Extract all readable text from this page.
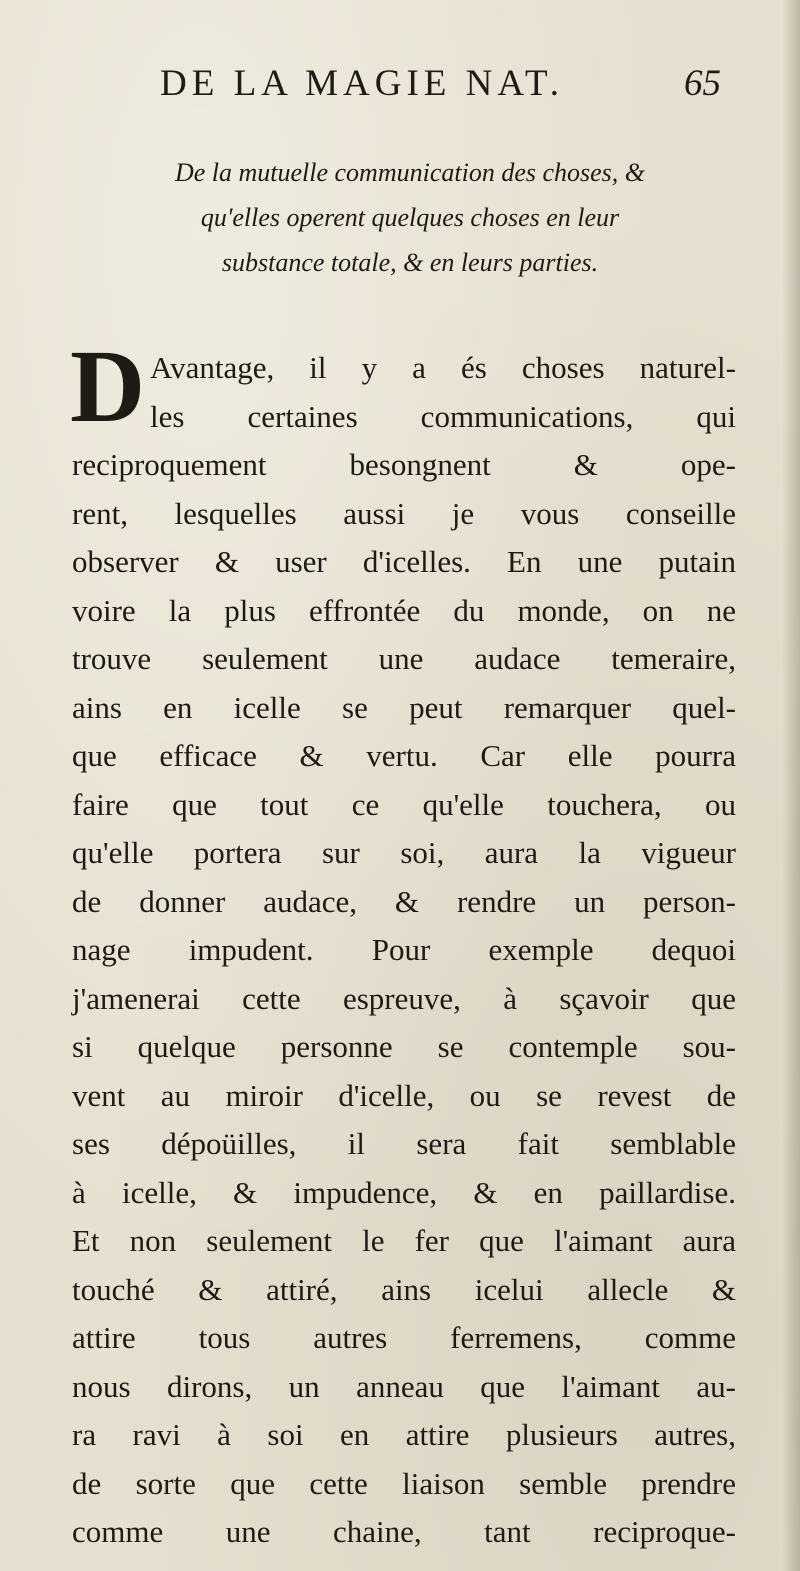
DE LA MAGIE NAT.	65
De la mutuelle communication des choses, &
qu'elles operent quelques choses en leur
substance totale, & en leurs parties.
D Avantage, il y a és choses naturel-
les certaines communications, qui
reciproquement besongnent & ope-
rent, lesquelles aussi je vous conseille
observer & user d'icelles. En une putain
voire la plus effrontée du monde, on ne
trouve seulement une audace temeraire,
ains en icelle se peut remarquer quel-
que efficace & vertu. Car elle pourra
faire que tout ce qu'elle touchera, ou
qu'elle portera sur soi, aura la vigueur
de donner audace, & rendre un person-
nage impudent. Pour exemple dequoi
j'amenerai cette espreuve, à sçavoir que
si quelque personne se contemple sou-
vent au miroir d'icelle, ou se revest de
ses dépoüilles, il sera fait semblable
à icelle, & impudence, & en paillardise.
Et non seulement le fer que l'aimant aura
touché & attiré, ains icelui allecle &
attire tous autres ferremens, comme
nous dirons, un anneau que l'aimant au-
ra ravi à soi en attire plusieurs autres,
de sorte que cette liaison semble prendre
comme une chaine, tant reciproque-
